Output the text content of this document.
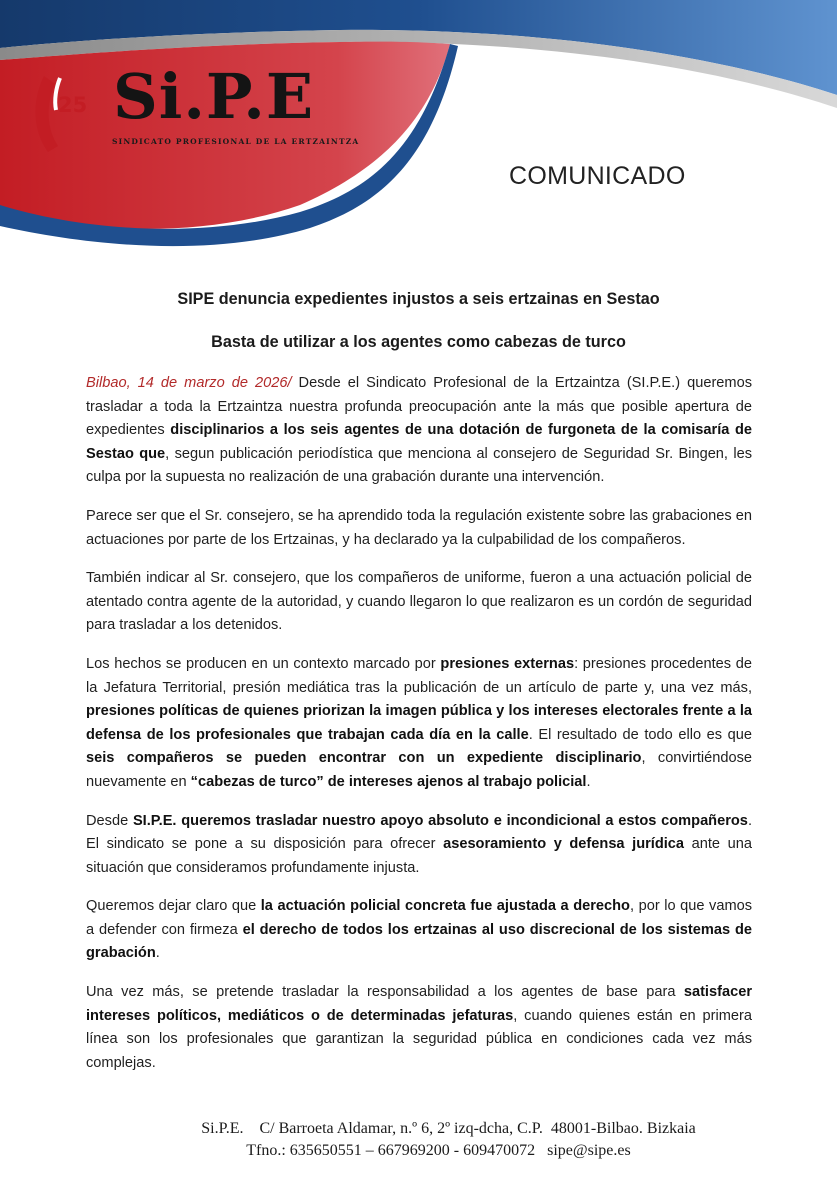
Si.P.E
25
SINDICATO PROFESIONAL DE LA ERTZAINTZA
COMUNICADO
SIPE denuncia expedientes injustos a seis ertzainas en Sestao
Basta de utilizar a los agentes como cabezas de turco

Bilbao, 14 de marzo de 2026/ Desde el Sindicato Profesional de la Ertzaintza (SI.P.E.) queremos trasladar a toda la Ertzaintza nuestra profunda preocupación ante la más que posible apertura de expedientes disciplinarios a los seis agentes de una dotación de furgoneta de la comisaría de Sestao que, segun publicación periodística que menciona al consejero de Seguridad Sr. Bingen, les culpa por la supuesta no realización de una grabación durante una intervención.

Parece ser que el Sr. consejero, se ha aprendido toda la regulación existente sobre las grabaciones en actuaciones por parte de los Ertzainas, y ha declarado ya la culpabilidad de los compañeros.

También indicar al Sr. consejero, que los compañeros de uniforme, fueron a una actuación policial de atentado contra agente de la autoridad, y cuando llegaron lo que realizaron es un cordón de seguridad para trasladar a los detenidos.

Los hechos se producen en un contexto marcado por presiones externas: presiones procedentes de la Jefatura Territorial, presión mediática tras la publicación de un artículo de parte y, una vez más, presiones políticas de quienes priorizan la imagen pública y los intereses electorales frente a la defensa de los profesionales que trabajan cada día en la calle. El resultado de todo ello es que seis compañeros se pueden encontrar con un expediente disciplinario, convirtiéndose nuevamente en “cabezas de turco” de intereses ajenos al trabajo policial.

Desde SI.P.E. queremos trasladar nuestro apoyo absoluto e incondicional a estos compañeros. El sindicato se pone a su disposición para ofrecer asesoramiento y defensa jurídica ante una situación que consideramos profundamente injusta.

Queremos dejar claro que la actuación policial concreta fue ajustada a derecho, por lo que vamos a defender con firmeza el derecho de todos los ertzainas al uso discrecional de los sistemas de grabación.

Una vez más, se pretende trasladar la responsabilidad a los agentes de base para satisfacer intereses políticos, mediáticos o de determinadas jefaturas, cuando quienes están en primera línea son los profesionales que garantizan la seguridad pública en condiciones cada vez más complejas.

Si.P.E.    C/ Barroeta Aldamar, n.º 6, 2º izq-dcha, C.P.  48001-Bilbao. Bizkaia
Tfno.: 635650551 – 667969200 - 609470072   sipe@sipe.es
